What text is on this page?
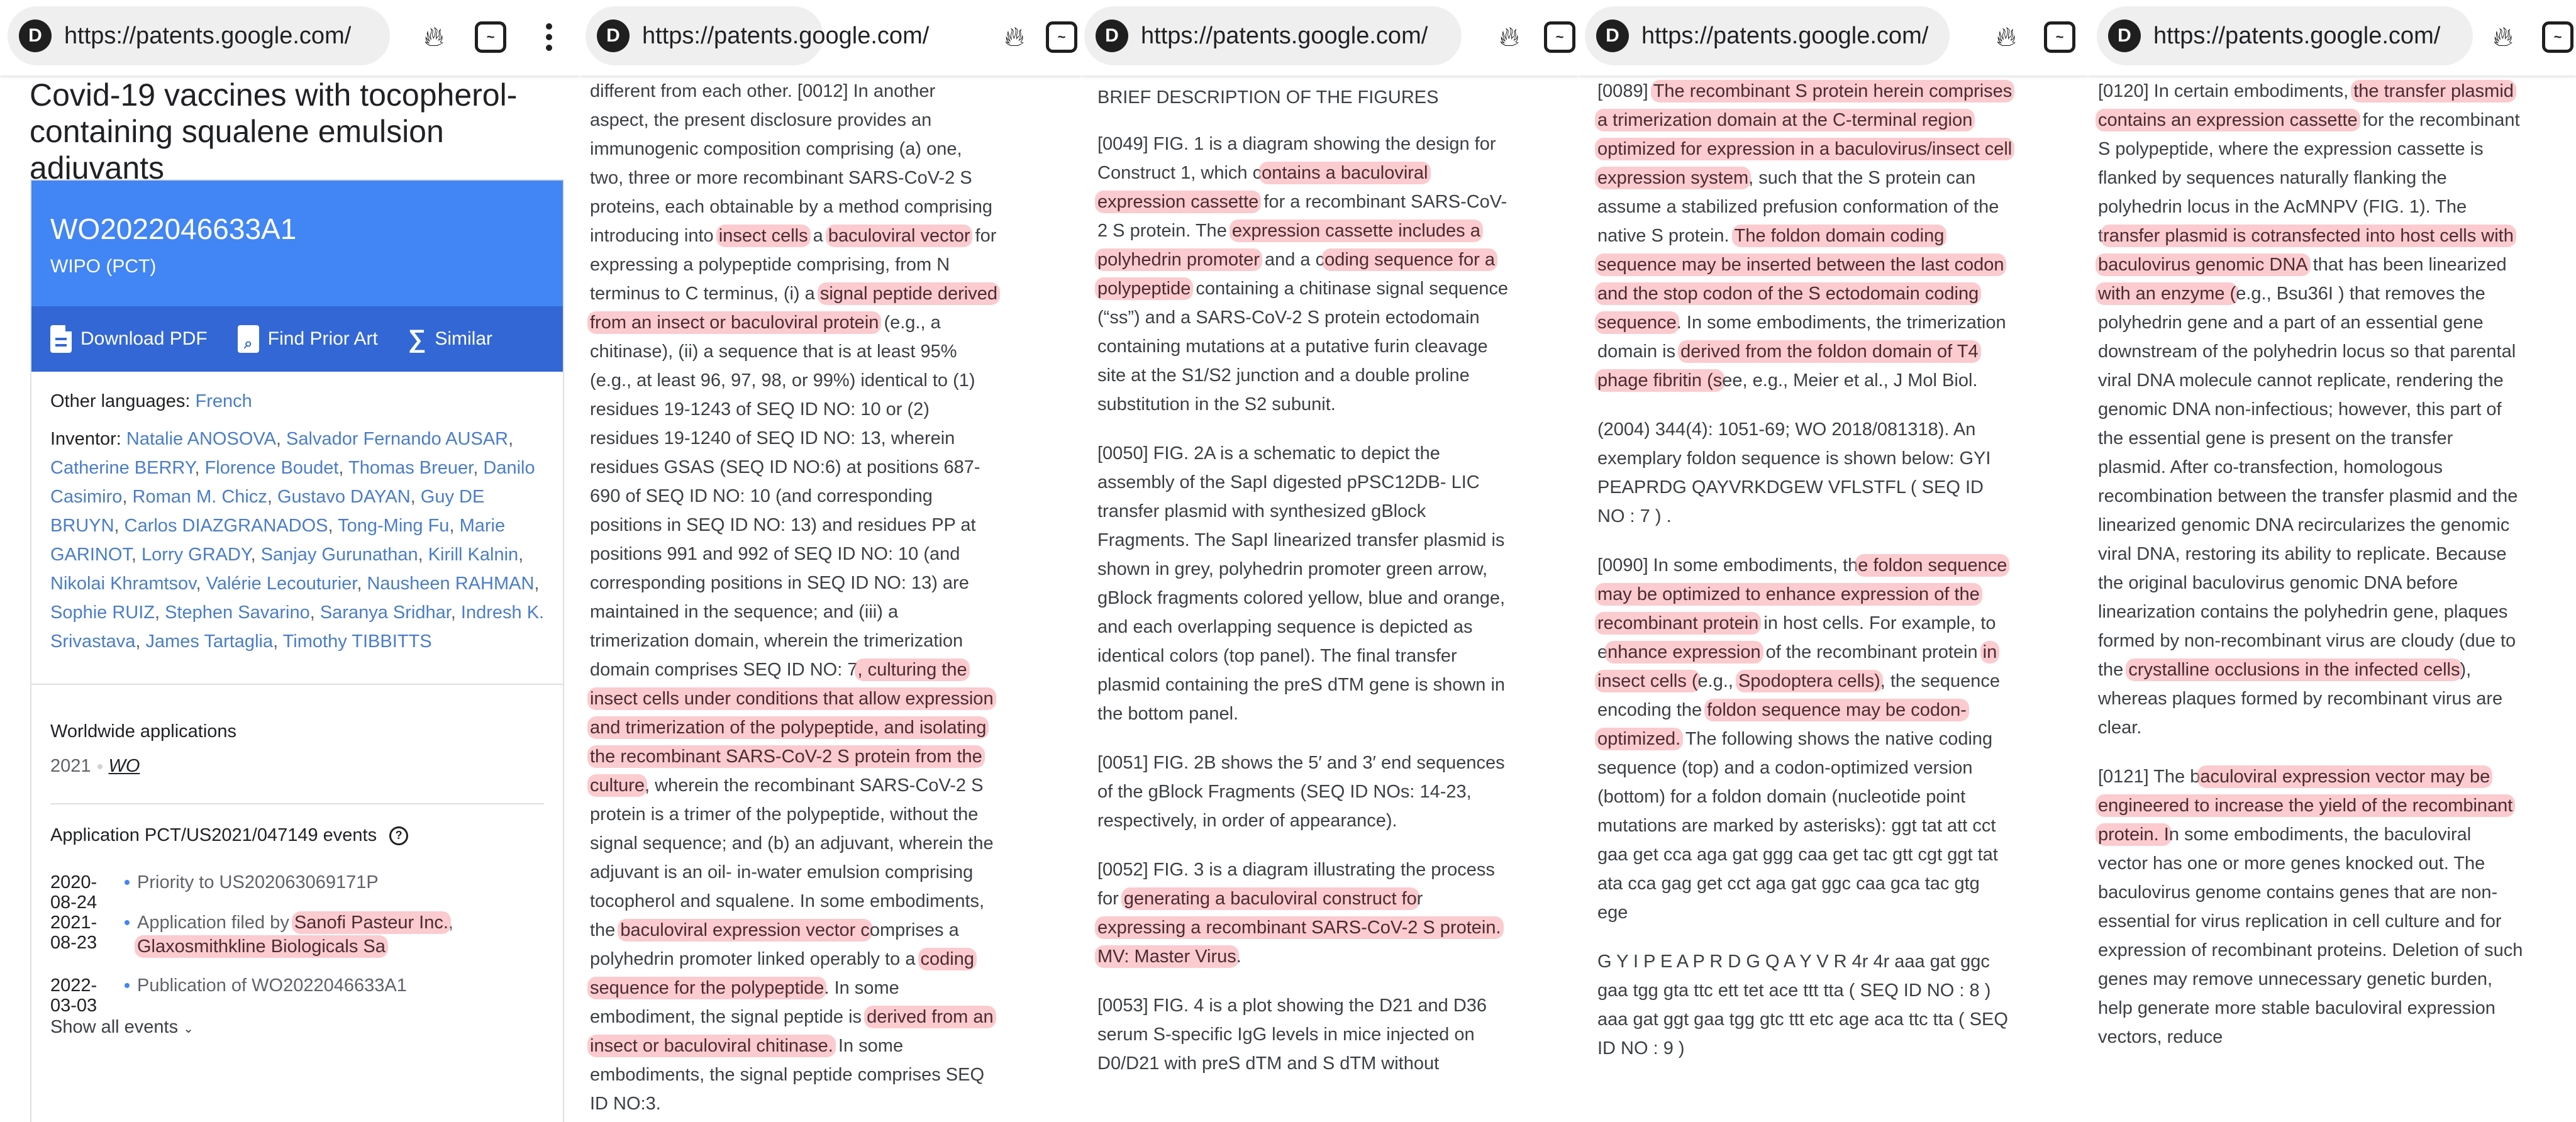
D https://patents.google.com/	🔥︎	~
Covid-19 vaccines with tocopherol-containing squalene emulsion adjuvants
WO2022046633A1
WIPO (PCT)
Download PDF	⌕ Find Prior Art ∑ Similar
Other languages: French
Inventor: Natalie ANOSOVA, Salvador Fernando AUSAR, Catherine BERRY, Florence Boudet, Thomas Breuer, Danilo Casimiro, Roman M. Chicz, Gustavo DAYAN, Guy DE BRUYN, Carlos DIAZGRANADOS, Tong-Ming Fu, Marie GARINOT, Lorry GRADY, Sanjay Gurunathan, Kirill Kalnin, Nikolai Khramtsov, Valérie Lecouturier, Nausheen RAHMAN, Sophie RUIZ, Stephen Savarino, Saranya Sridhar, Indresh K. Srivastava, James Tartaglia, Timothy TIBBITTS
Worldwide applications
2021 WO
Application PCT/US2021/047149 events	?
2020-08-24
Priority to US202063069171P
2021-08-23
Application filed by Sanofi Pasteur Inc., Glaxosmithkline Biologicals Sa
2022-03-03
Publication of WO2022046633A1
Show all events ⌄
D https://patents.google.com/	🔥︎	~

different from each other. [0012] In another aspect, the present disclosure provides an immunogenic composition comprising (a) one, two, three or more recombinant SARS-CoV-2 S proteins, each obtainable by a method comprising introducing into insect cells a baculoviral vector for expressing a polypeptide comprising, from N terminus to C terminus, (i) a signal peptide derived from an insect or baculoviral protein (e.g., a chitinase), (ii) a sequence that is at least 95% (e.g., at least 96, 97, 98, or 99%) identical to (1) residues 19-1243 of SEQ ID NO: 10 or (2) residues 19-1240 of SEQ ID NO: 13, wherein residues GSAS (SEQ ID NO:6) at positions 687-690 of SEQ ID NO: 10 (and corresponding positions in SEQ ID NO: 13) and residues PP at positions 991 and 992 of SEQ ID NO: 10 (and corresponding positions in SEQ ID NO: 13) are maintained in the sequence; and (iii) a trimerization domain, wherein the trimerization domain comprises SEQ ID NO: 7, culturing the insect cells under conditions that allow expression and trimerization of the polypeptide, and isolating the recombinant SARS-CoV-2 S protein from the culture, wherein the recombinant SARS-CoV-2 S protein is a trimer of the polypeptide, without the signal sequence; and (b) an adjuvant, wherein the adjuvant is an oil- in-water emulsion comprising tocopherol and squalene. In some embodiments, the baculoviral expression vector comprises a polyhedrin promoter linked operably to a coding sequence for the polypeptide. In some embodiment, the signal peptide is derived from an insect or baculoviral chitinase. In some embodiments, the signal peptide comprises SEQ ID NO:3.

D https://patents.google.com/	🔥︎	~

BRIEF DESCRIPTION OF THE FIGURES

[0049] FIG. 1 is a diagram showing the design for Construct 1, which contains a baculoviral expression cassette for a recombinant SARS-CoV-2 S protein. The expression cassette includes a polyhedrin promoter and a coding sequence for a polypeptide containing a chitinase signal sequence (“ss”) and a SARS-CoV-2 S protein ectodomain containing mutations at a putative furin cleavage site at the S1/S2 junction and a double proline substitution in the S2 subunit.

[0050] FIG. 2A is a schematic to depict the assembly of the SapI digested pPSC12DB- LIC transfer plasmid with synthesized gBlock Fragments. The SapI linearized transfer plasmid is shown in grey, polyhedrin promoter green arrow, gBlock fragments colored yellow, blue and orange, and each overlapping sequence is depicted as identical colors (top panel). The final transfer plasmid containing the preS dTM gene is shown in the bottom panel.

[0051] FIG. 2B shows the 5′ and 3′ end sequences of the gBlock Fragments (SEQ ID NOs: 14-23, respectively, in order of appearance).

[0052] FIG. 3 is a diagram illustrating the process for generating a baculoviral construct for expressing a recombinant SARS-CoV-2 S protein. MV: Master Virus.

[0053] FIG. 4 is a plot showing the D21 and D36 serum S-specific IgG levels in mice injected on D0/D21 with preS dTM and S dTM without

D https://patents.google.com/ 🔥︎	~

[0089] The recombinant S protein herein comprises a trimerization domain at the C-terminal region optimized for expression in a baculovirus/insect cell expression system, such that the S protein can assume a stabilized prefusion conformation of the native S protein. The foldon domain coding sequence may be inserted between the last codon and the stop codon of the S ectodomain coding sequence. In some embodiments, the trimerization domain is derived from the foldon domain of T4 phage fibritin (see, e.g., Meier et al., J Mol Biol.

(2004) 344(4): 1051-69; WO 2018/081318). An exemplary foldon sequence is shown below: GYI PEAPRDG QAYVRKDGEW VFLSTFL ( SEQ ID NO : 7 ) .

[0090] In some embodiments, the foldon sequence may be optimized to enhance expression of the recombinant protein in host cells. For example, to enhance expression of the recombinant protein in insect cells (e.g., Spodoptera cells), the sequence encoding the foldon sequence may be codon-optimized. The following shows the native coding sequence (top) and a codon-optimized version (bottom) for a foldon domain (nucleotide point mutations are marked by asterisks): ggt tat att cct gaa get cca aga gat ggg caa get tac gtt cgt ggt tat ata cca gag get cct aga gat ggc caa gca tac gtg ege

G Y I P E A P R D G Q A Y V R 4r 4r aaa gat ggc gaa tgg gta ttc ett tet ace ttt tta ( SEQ ID NO : 8 ) aaa gat ggt gaa tgg gtc ttt etc age aca ttc tta ( SEQ ID NO : 9 )

D https://patents.google.com/ 🔥︎	~

[0120] In certain embodiments, the transfer plasmid contains an expression cassette for the recombinant S polypeptide, where the expression cassette is flanked by sequences naturally flanking the polyhedrin locus in the AcMNPV (FIG. 1). The ransfer plasmid is cotransfected into host cells with baculovirus genomic DNA that has been linearized with an enzyme (e.g., Bsu36I ) that removes the polyhedrin gene and a part of an essential gene downstream of the polyhedrin locus so that parental viral DNA molecule cannot replicate, rendering the genomic DNA non-infectious; however, this part of the essential gene is present on the transfer plasmid. After co-transfection, homologous recombination between the transfer plasmid and the linearized genomic DNA recircularizes the genomic viral DNA, restoring its ability to replicate. Because the original baculovirus genomic DNA before linearization contains the polyhedrin gene, plaques formed by non-recombinant virus are cloudy (due to the crystalline occlusions in the infected cells), whereas plaques formed by recombinant virus are clear.

[0121] The baculoviral expression vector may be engineered to increase the yield of the recombinant protein. In some embodiments, the baculoviral vector has one or more genes knocked out. The baculovirus genome contains genes that are non-essential for virus replication in cell culture and for expression of recombinant proteins. Deletion of such genes may remove unnecessary genetic burden, help generate more stable baculoviral expression vectors, reduce
